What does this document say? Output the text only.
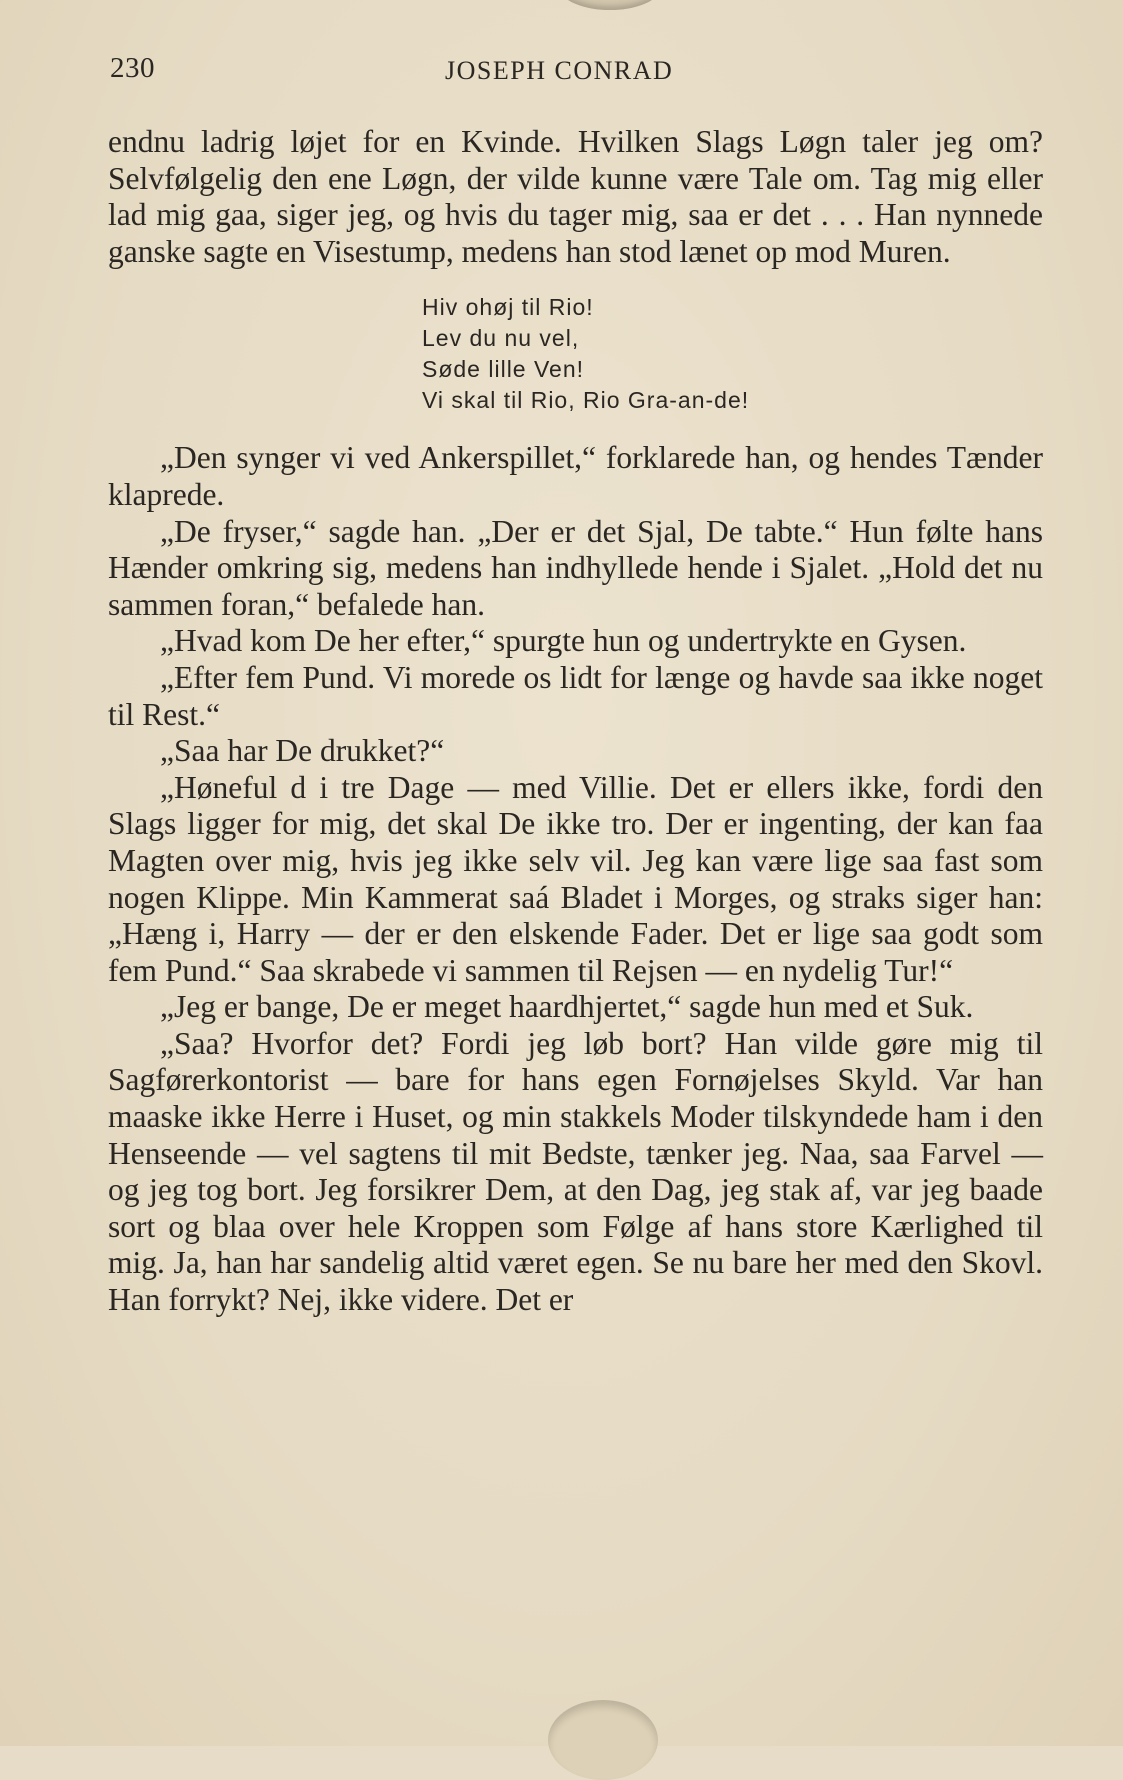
230	JOSEPH CONRAD

endnu ladrig løjet for en Kvinde. Hvilken Slags Løgn taler jeg om? Selvfølgelig den ene Løgn, der vilde kunne være Tale om. Tag mig eller lad mig gaa, siger jeg, og hvis du tager mig, saa er det . . . Han nynnede ganske sagte en Visestump, medens han stod lænet op mod Muren.

Hiv ohøj til Rio!
Lev du nu vel,
Søde lille Ven!
Vi skal til Rio, Rio Gra-an-de!

„Den synger vi ved Ankerspillet,“ forklarede han, og hendes Tænder klaprede.

„De fryser,“ sagde han. „Der er det Sjal, De tabte.“ Hun følte hans Hænder omkring sig, medens han indhyllede hende i Sjalet. „Hold det nu sammen foran,“ befalede han.

„Hvad kom De her efter,“ spurgte hun og undertrykte en Gysen.

„Efter fem Pund. Vi morede os lidt for længe og havde saa ikke noget til Rest.“

„Saa har De drukket?“

„Høneful d i tre Dage — med Villie. Det er ellers ikke, fordi den Slags ligger for mig, det skal De ikke tro. Der er ingenting, der kan faa Magten over mig, hvis jeg ikke selv vil. Jeg kan være lige saa fast som nogen Klippe. Min Kammerat saá Bladet i Morges, og straks siger han: „Hæng i, Harry — der er den elskende Fader. Det er lige saa godt som fem Pund.“ Saa skrabede vi sammen til Rejsen — en nydelig Tur!“

„Jeg er bange, De er meget haardhjertet,“ sagde hun med et Suk.

„Saa? Hvorfor det? Fordi jeg løb bort? Han vilde gøre mig til Sagførerkontorist — bare for hans egen Fornøjelses Skyld. Var han maaske ikke Herre i Huset, og min stakkels Moder tilskyndede ham i den Henseende — vel sagtens til mit Bedste, tænker jeg. Naa, saa Farvel — og jeg tog bort. Jeg forsikrer Dem, at den Dag, jeg stak af, var jeg baade sort og blaa over hele Kroppen som Følge af hans store Kærlighed til mig. Ja, han har sandelig altid været egen. Se nu bare her med den Skovl. Han forrykt? Nej, ikke videre. Det er
